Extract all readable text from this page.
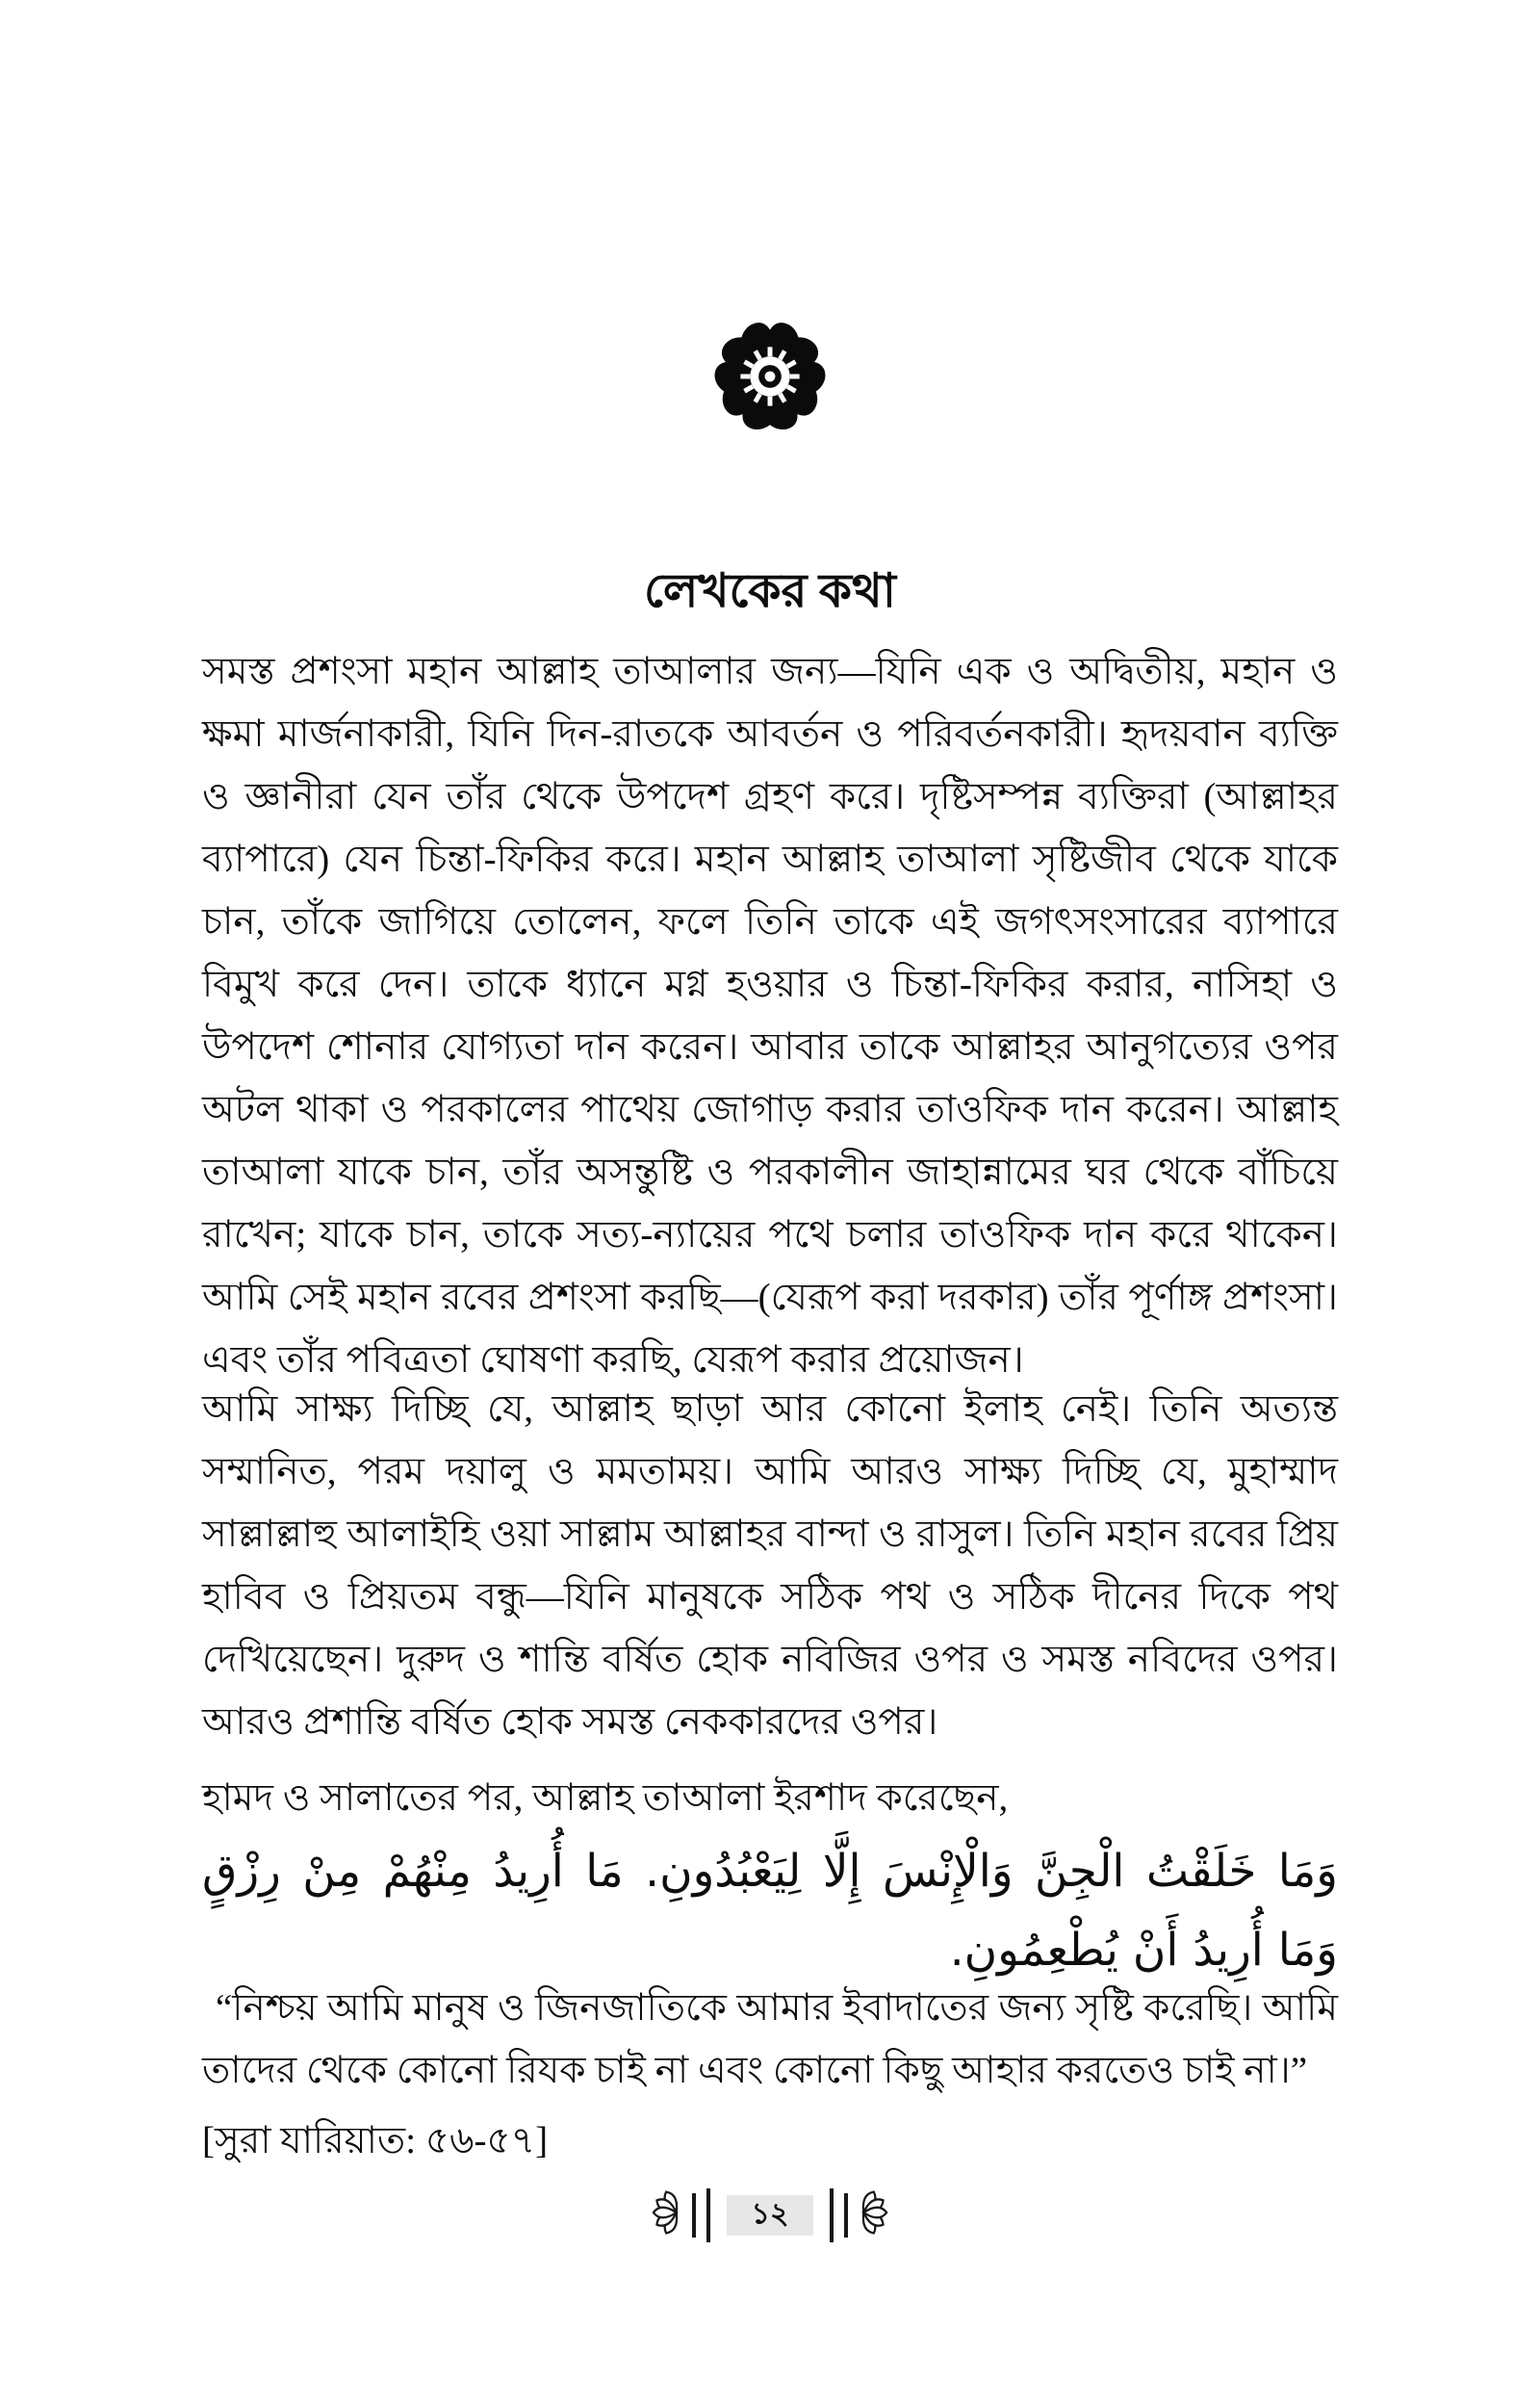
লেখকের কথা

সমস্ত প্রশংসা মহান আল্লাহ তাআলার জন্য—যিনি এক ও অদ্বিতীয়, মহান ও ক্ষমা মার্জনাকারী, যিনি দিন-রাতকে আবর্তন ও পরিবর্তনকারী। হৃদয়বান ব্যক্তি ও জ্ঞানীরা যেন তাঁর থেকে উপদেশ গ্রহণ করে। দৃষ্টিসম্পন্ন ব্যক্তিরা (আল্লাহর ব্যাপারে) যেন চিন্তা-ফিকির করে। মহান আল্লাহ তাআলা সৃষ্টিজীব থেকে যাকে চান, তাঁকে জাগিয়ে তোলেন, ফলে তিনি তাকে এই জগৎসংসারের ব্যাপারে বিমুখ করে দেন। তাকে ধ্যানে মগ্ন হওয়ার ও চিন্তা-ফিকির করার, নাসিহা ও উপদেশ শোনার যোগ্যতা দান করেন। আবার তাকে আল্লাহর আনুগত্যের ওপর অটল থাকা ও পরকালের পাথেয় জোগাড় করার তাওফিক দান করেন। আল্লাহ তাআলা যাকে চান, তাঁর অসন্তুষ্টি ও পরকালীন জাহান্নামের ঘর থেকে বাঁচিয়ে রাখেন; যাকে চান, তাকে সত্য-ন্যায়ের পথে চলার তাওফিক দান করে থাকেন। আমি সেই মহান রবের প্রশংসা করছি—(যেরূপ করা দরকার) তাঁর পূর্ণাঙ্গ প্রশংসা। এবং তাঁর পবিত্রতা ঘোষণা করছি, যেরূপ করার প্রয়োজন।

আমি সাক্ষ্য দিচ্ছি যে, আল্লাহ ছাড়া আর কোনো ইলাহ নেই। তিনি অত্যন্ত সম্মানিত, পরম দয়ালু ও মমতাময়। আমি আরও সাক্ষ্য দিচ্ছি যে, মুহাম্মাদ সাল্লাল্লাহু আলাইহি ওয়া সাল্লাম আল্লাহর বান্দা ও রাসুল। তিনি মহান রবের প্রিয় হাবিব ও প্রিয়তম বন্ধু—যিনি মানুষকে সঠিক পথ ও সঠিক দীনের দিকে পথ দেখিয়েছেন। দুরুদ ও শান্তি বর্ষিত হোক নবিজির ওপর ও সমস্ত নবিদের ওপর। আরও প্রশান্তি বর্ষিত হোক সমস্ত নেককারদের ওপর।

হামদ ও সালাতের পর, আল্লাহ তাআলা ইরশাদ করেছেন,

وَمَا خَلَقْتُ الْجِنَّ وَالْإِنْسَ إِلَّا لِيَعْبُدُونِ. مَا أُرِيدُ مِنْهُمْ مِنْ رِزْقٍ وَمَا أُرِيدُ أَنْ يُطْعِمُونِ.

“নিশ্চয় আমি মানুষ ও জিনজাতিকে আমার ইবাদাতের জন্য সৃষ্টি করেছি। আমি তাদের থেকে কোনো রিযক চাই না এবং কোনো কিছু আহার করতেও চাই না।”

[সুরা যারিয়াত: ৫৬-৫৭]

১২
